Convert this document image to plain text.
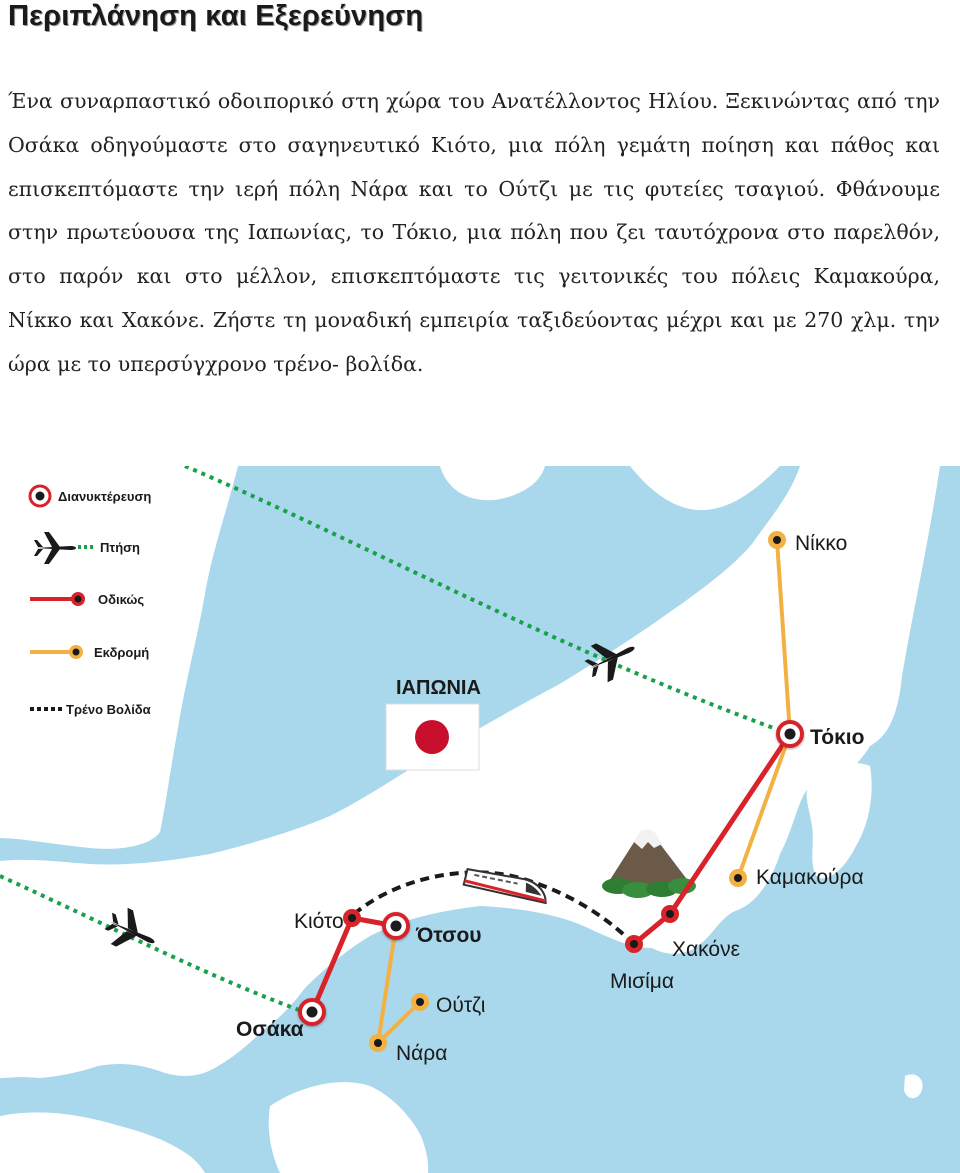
Περιπλάνηση και Εξερεύνηση

Ένα συναρπαστικό οδοιπορικό στη χώρα του Ανατέλλοντος Ηλίου. Ξεκινώντας από την Οσάκα οδηγούμαστε στο σαγηνευτικό Κιότο, μια πόλη γεμάτη ποίηση και πάθος και επισκεπτόμαστε την ιερή πόλη Νάρα και το Ούτζι με τις φυτείες τσαγιού. Φθάνουμε στην πρωτεύουσα της Ιαπωνίας, το Τόκιο, μια πόλη που ζει ταυτόχρονα στο παρελθόν, στο παρόν και στο μέλλον, επισκεπτόμαστε τις γειτονικές του πόλεις Καμακούρα, Νίκκο και Χακόνε. Ζήστε τη μοναδική εμπειρία ταξιδεύοντας μέχρι και με 270 χλμ. την ώρα με το υπερσύγχρονο τρένο- βολίδα.

Διανυκτέρευση
Πτήση
Οδικώς
Εκδρομή
Τρένο Βολίδα
ΙΑΠΩΝΙΑ
Νίκκο
Τόκιο
Καμακούρα
Χακόνε
Μισίμα
Κιότο
Ότσου
Οσάκα
Ούτζι
Νάρα
